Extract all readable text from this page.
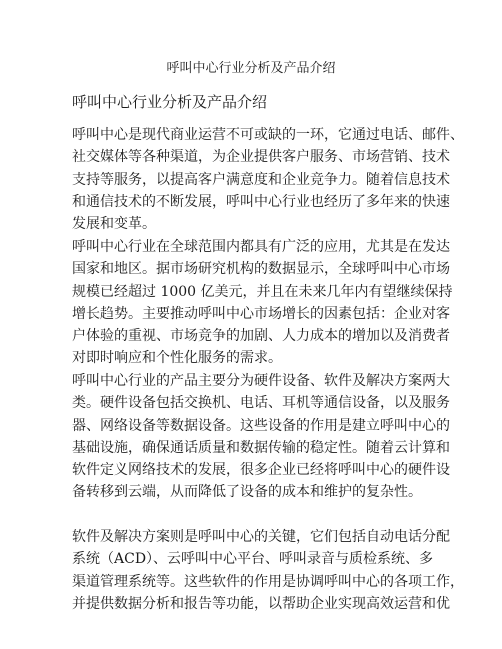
呼叫中心行业分析及产品介绍
呼叫中心行业分析及产品介绍

呼叫中心是现代商业运营不可或缺的一环，它通过电话、邮件、
社交媒体等各种渠道，为企业提供客户服务、市场营销、技术
支持等服务，以提高客户满意度和企业竞争力。随着信息技术
和通信技术的不断发展，呼叫中心行业也经历了多年来的快速
发展和变革。

呼叫中心行业在全球范围内都具有广泛的应用，尤其是在发达
国家和地区。据市场研究机构的数据显示，全球呼叫中心市场
规模已经超过 1000 亿美元，并且在未来几年内有望继续保持
增长趋势。主要推动呼叫中心市场增长的因素包括：企业对客
户体验的重视、市场竞争的加剧、人力成本的增加以及消费者
对即时响应和个性化服务的需求。

呼叫中心行业的产品主要分为硬件设备、软件及解决方案两大
类。硬件设备包括交换机、电话、耳机等通信设备，以及服务
器、网络设备等数据设备。这些设备的作用是建立呼叫中心的
基础设施，确保通话质量和数据传输的稳定性。随着云计算和
软件定义网络技术的发展，很多企业已经将呼叫中心的硬件设
备转移到云端，从而降低了设备的成本和维护的复杂性。

软件及解决方案则是呼叫中心的关键，它们包括自动电话分配
系统（ACD）、云呼叫中心平台、呼叫录音与质检系统、多
渠道管理系统等。这些软件的作用是协调呼叫中心的各项工作，
并提供数据分析和报告等功能，以帮助企业实现高效运营和优
